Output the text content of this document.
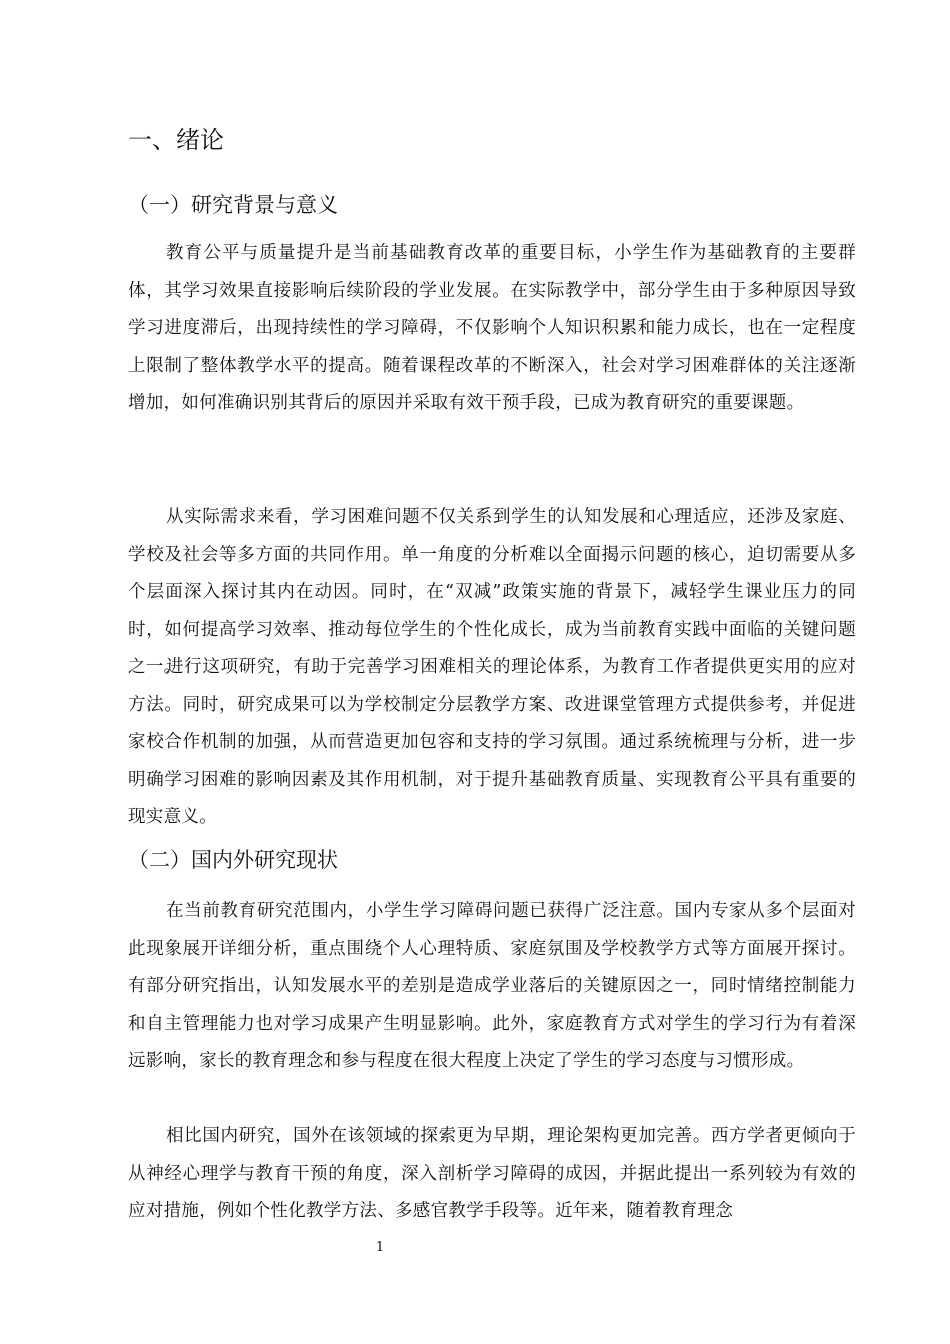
一、绪论
（一）研究背景与意义

教育公平与质量提升是当前基础教育改革的重要目标，小学生作为基础教育的主要群体，其学习效果直接影响后续阶段的学业发展。在实际教学中，部分学生由于多种原因导致学习进度滞后，出现持续性的学习障碍，不仅影响个人知识积累和能力成长，也在一定程度上限制了整体教学水平的提高。随着课程改革的不断深入，社会对学习困难群体的关注逐渐增加，如何准确识别其背后的原因并采取有效干预手段，已成为教育研究的重要课题。

从实际需求来看，学习困难问题不仅关系到学生的认知发展和心理适应，还涉及家庭、学校及社会等多方面的共同作用。单一角度的分析难以全面揭示问题的核心，迫切需要从多个层面深入探讨其内在动因。同时，在“双减”政策实施的背景下，减轻学生课业压力的同时，如何提高学习效率、推动每位学生的个性化成长，成为当前教育实践中面临的关键问题之一。

进行这项研究，有助于完善学习困难相关的理论体系，为教育工作者提供更实用的应对方法。同时，研究成果可以为学校制定分层教学方案、改进课堂管理方式提供参考，并促进家校合作机制的加强，从而营造更加包容和支持的学习氛围。通过系统梳理与分析，进一步明确学习困难的影响因素及其作用机制，对于提升基础教育质量、实现教育公平具有重要的现实意义。

（二）国内外研究现状

在当前教育研究范围内，小学生学习障碍问题已获得广泛注意。国内专家从多个层面对此现象展开详细分析，重点围绕个人心理特质、家庭氛围及学校教学方式等方面展开探讨。有部分研究指出，认知发展水平的差别是造成学业落后的关键原因之一，同时情绪控制能力和自主管理能力也对学习成果产生明显影响。此外，家庭教育方式对学生的学习行为有着深远影响，家长的教育理念和参与程度在很大程度上决定了学生的学习态度与习惯形成。

相比国内研究，国外在该领域的探索更为早期，理论架构更加完善。西方学者更倾向于从神经心理学与教育干预的角度，深入剖析学习障碍的成因，并据此提出一系列较为有效的应对措施，例如个性化教学方法、多感官教学手段等。近年来，随着教育理念

1
